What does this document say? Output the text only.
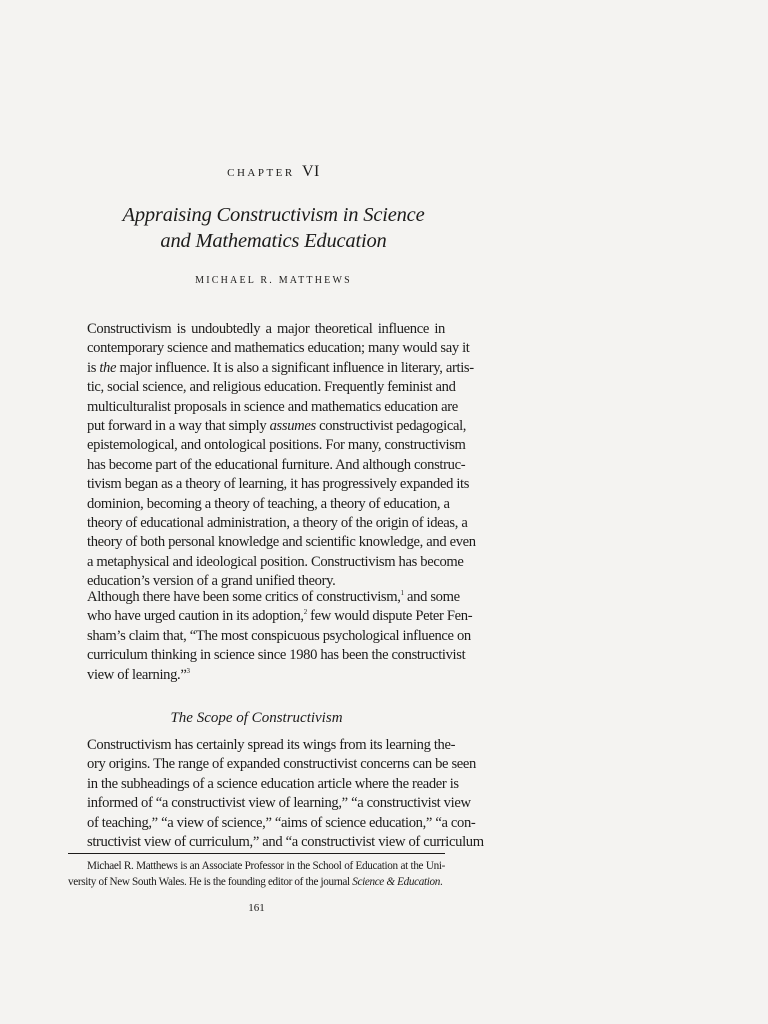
CHAPTER VI
Appraising Constructivism in Science
and Mathematics Education
MICHAEL R. MATTHEWS

Constructivism is undoubtedly a major theoretical influence in
contemporary science and mathematics education; many would say it
is the major influence. It is also a significant influence in literary, artis-
tic, social science, and religious education. Frequently feminist and
multiculturalist proposals in science and mathematics education are
put forward in a way that simply assumes constructivist pedagogical,
epistemological, and ontological positions. For many, constructivism
has become part of the educational furniture. And although construc-
tivism began as a theory of learning, it has progressively expanded its
dominion, becoming a theory of teaching, a theory of education, a
theory of educational administration, a theory of the origin of ideas, a
theory of both personal knowledge and scientific knowledge, and even
a metaphysical and ideological position. Constructivism has become
education’s version of a grand unified theory.

Although there have been some critics of constructivism,$^1$ and some
who have urged caution in its adoption,$^2$ few would dispute Peter Fen-
sham’s claim that, “The most conspicuous psychological influence on
curriculum thinking in science since 1980 has been the constructivist
view of learning.”$^3$

The Scope of Constructivism

Constructivism has certainly spread its wings from its learning the-
ory origins. The range of expanded constructivist concerns can be seen
in the subheadings of a science education article where the reader is
informed of “a constructivist view of learning,” “a constructivist view
of teaching,” “a view of science,” “aims of science education,” “a con-
structivist view of curriculum,” and “a constructivist view of curriculum

Michael R. Matthews is an Associate Professor in the School of Education at the Uni-
versity of New South Wales. He is the founding editor of the journal Science & Education.
161
